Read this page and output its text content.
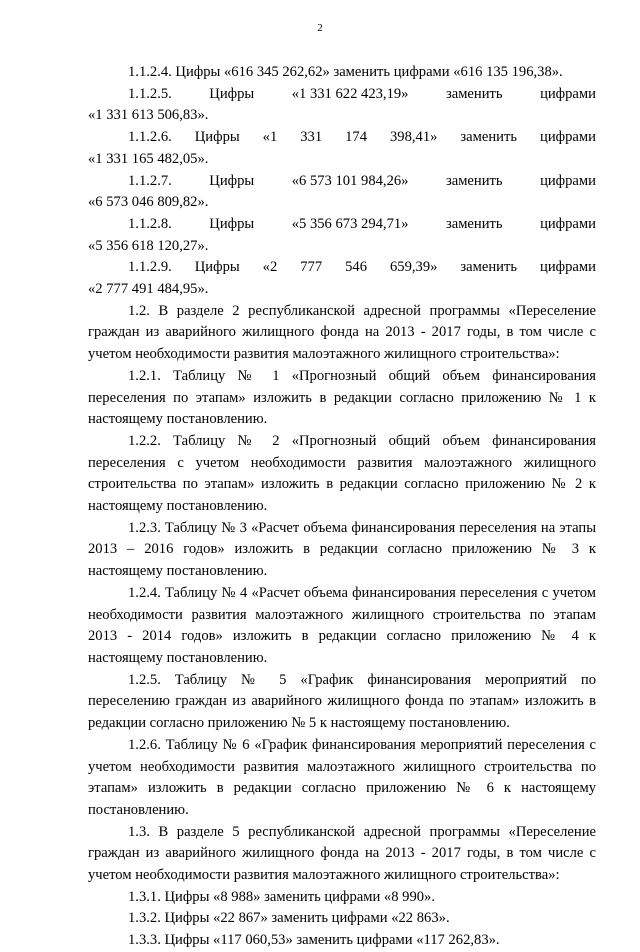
2

1.1.2.4. Цифры «616 345 262,62» заменить цифрами «616 135 196,38».

1.1.2.5.	Цифры	«1 331 622 423,19»	заменить	цифрами

«1 331 613 506,83».

1.1.2.6. Цифры «1 331 174 398,41» заменить цифрами

«1 331 165 482,05».

1.1.2.7.	Цифры	«6 573 101 984,26»	заменить	цифрами

«6 573 046 809,82».

1.1.2.8.	Цифры	«5 356 673 294,71»	заменить	цифрами

«5 356 618 120,27».

1.1.2.9. Цифры «2 777 546 659,39» заменить цифрами

«2 777 491 484,95».

1.2. В разделе 2 республиканской адресной программы «Переселение граждан из аварийного жилищного фонда на 2013 - 2017 годы, в том числе с учетом необходимости развития малоэтажного жилищного строительства»:

1.2.1. Таблицу № 1 «Прогнозный общий объем финансирования переселения по этапам» изложить в редакции согласно приложению № 1 к настоящему постановлению.

1.2.2. Таблицу № 2 «Прогнозный общий объем финансирования переселения с учетом необходимости развития малоэтажного жилищного строительства по этапам» изложить в редакции согласно приложению № 2 к настоящему постановлению.

1.2.3. Таблицу № 3 «Расчет объема финансирования переселения на этапы 2013 – 2016 годов» изложить в редакции согласно приложению № 3 к настоящему постановлению.

1.2.4. Таблицу № 4 «Расчет объема финансирования переселения с учетом необходимости развития малоэтажного жилищного строительства по этапам 2013 - 2014 годов» изложить в редакции согласно приложению № 4 к настоящему постановлению.

1.2.5. Таблицу № 5 «График финансирования мероприятий по переселению граждан из аварийного жилищного фонда по этапам» изложить в редакции согласно приложению № 5 к настоящему постановлению.

1.2.6. Таблицу № 6 «График финансирования мероприятий переселения с учетом необходимости развития малоэтажного жилищного строительства по этапам» изложить в редакции согласно приложению № 6 к настоящему постановлению.

1.3. В разделе 5 республиканской адресной программы «Переселение граждан из аварийного жилищного фонда на 2013 - 2017 годы, в том числе с учетом необходимости развития малоэтажного жилищного строительства»:

1.3.1. Цифры «8 988» заменить цифрами «8 990».

1.3.2. Цифры «22 867» заменить цифрами «22 863».

1.3.3. Цифры «117 060,53» заменить цифрами «117 262,83».
